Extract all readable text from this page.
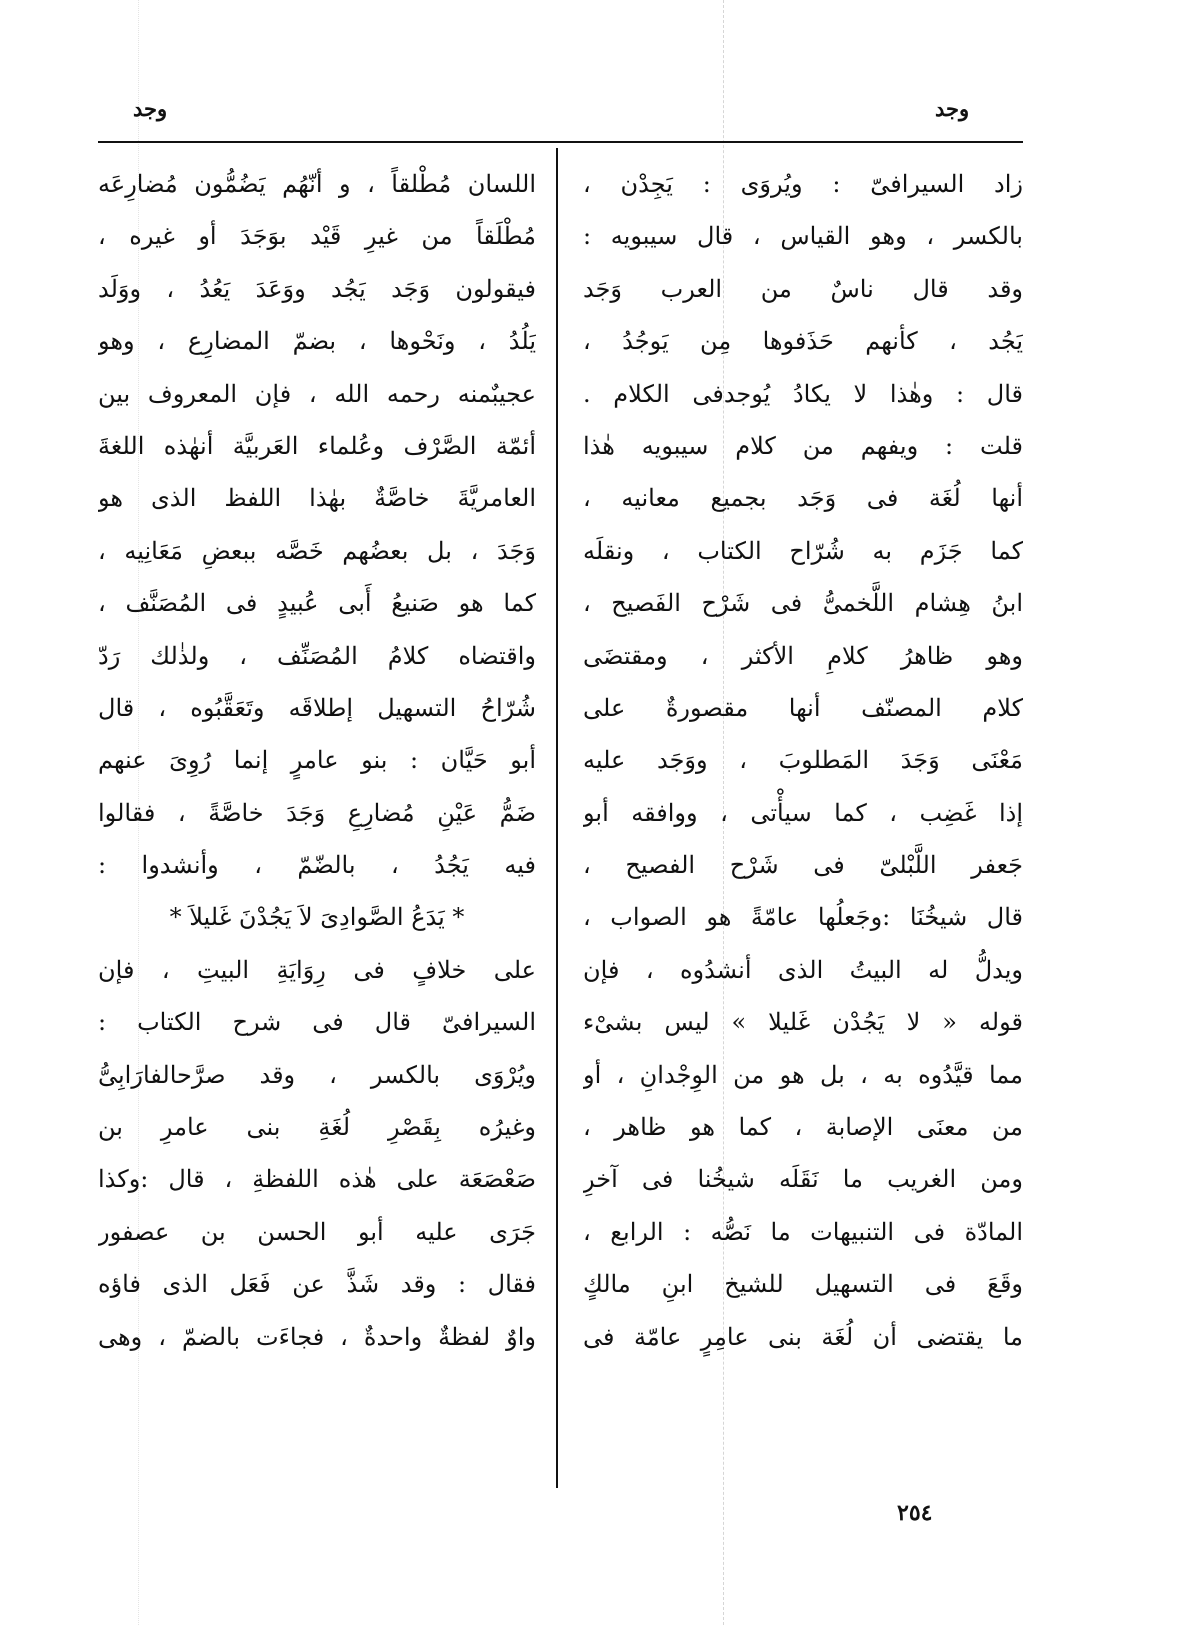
وجد
وجد
زاد السيرافىّ : ويُروَى : يَجِدْن ،
بالكسر ، وهو القياس ، قال سيبويه :
وقد قال ناسٌ من العرب وَجَد
يَجُد ، كأنهم حَذَفوها مِن يَوجُدُ ،
قال : وهٰذا لا يكادُ يُوجدفى الكلام .
قلت : ويفهم من كلام سيبويه هٰذا
أنها لُغَة فى وَجَد بجميع معانيه ،
كما جَزَم به شُرّاح الكتاب ، ونقلَه
ابنُ هِشام اللَّخمىُّ فى شَرْح الفَصيح ،
وهو ظاهرُ كلامِ الأكثر ، ومقتضَى
كلام المصنّف أنها مقصورةٌ على
مَعْنَى وَجَدَ المَطلوبَ ، ووَجَد عليه
إذا غَضِب ، كما سيأْتى ، ووافقه أبو
جَعفر اللَّبْلىّ فى شَرْح الفصيح ،
قال شيخُنَا :وجَعلُها عامّةً هو الصواب ،
ويدلُّ له البيتُ الذى أنشدُوه ، فإن
قوله « لا يَجُدْن غَليلا » ليس بشىْء
مما قيَّدُوه به ، بل هو من الوِجْدانِ ، أو
من معنَى الإصابة ، كما هو ظاهر ،
ومن الغريب ما نَقَلَه شيخُنا فى آخرِ
المادّة فى التنبيهات ما نَصُّه : الرابع ،
وقَعَ فى التسهيل للشيخ ابنِ مالكٍ
ما يقتضى أن لُغَة بنى عامِرٍ عامّة فى
اللسان مُطْلقاً ، و أنّهُم يَضُمُّون مُضارِعَه
مُطْلَقاً من غيرِ قَيْد بوَجَدَ أو غيره ،
فيقولون وَجَد يَجُد ووَعَدَ يَعُدُ ، ووَلَد
يَلُدُ ، ونَحْوها ، بضمّ المضارِع ، وهو
عجيبٌمنه رحمه الله ، فإن المعروف بين
أئمّة الصَّرْف وعُلماء العَربيَّة أنهٰذه اللغةَ
العامريَّةَ خاصَّةٌ بهٰذا اللفظ الذى هو
وَجَدَ ، بل بعضُهم خَصَّه ببعضِ مَعَانِيه ،
كما هو صَنيعُ أَبى عُبيدٍ فى المُصَنَّف ،
واقتضاه كلامُ المُصَنِّف ، ولذٰلك رَدّ
شُرّاحُ التسهيل إطلاقَه وتَعَقَّبُوه ، قال
أبو حَيَّان : بنو عامرٍ إنما رُوِىَ عنهم
ضَمُّ عَيْنِ مُضارِعِ وَجَدَ خاصَّةً ، فقالوا
فيه يَجُدُ ، بالضّمّ ، وأنشدوا :
* يَدَعُ الصَّوادِىَ لاَ يَجُدْنَ غَليلاَ *
على خلافٍ فى رِوَايَةِ البيتِ ، فإن
السيرافىّ قال فى شرح الكتاب :
ويُرْوَى بالكسر ، وقد صرَّحالفارَابِىُّ
وغيرُه بِقَصْرِ لُغَةِ بنى عامرِ بن
صَعْصَعَة على هٰذه اللفظةِ ، قال :وكذا
جَرَى عليه أبو الحسن بن عصفور
فقال : وقد شَذَّ عن فَعَل الذى فاؤه
واوٌ لفظةٌ واحدةٌ ، فجاءَت بالضمّ ، وهى
٢٥٤
